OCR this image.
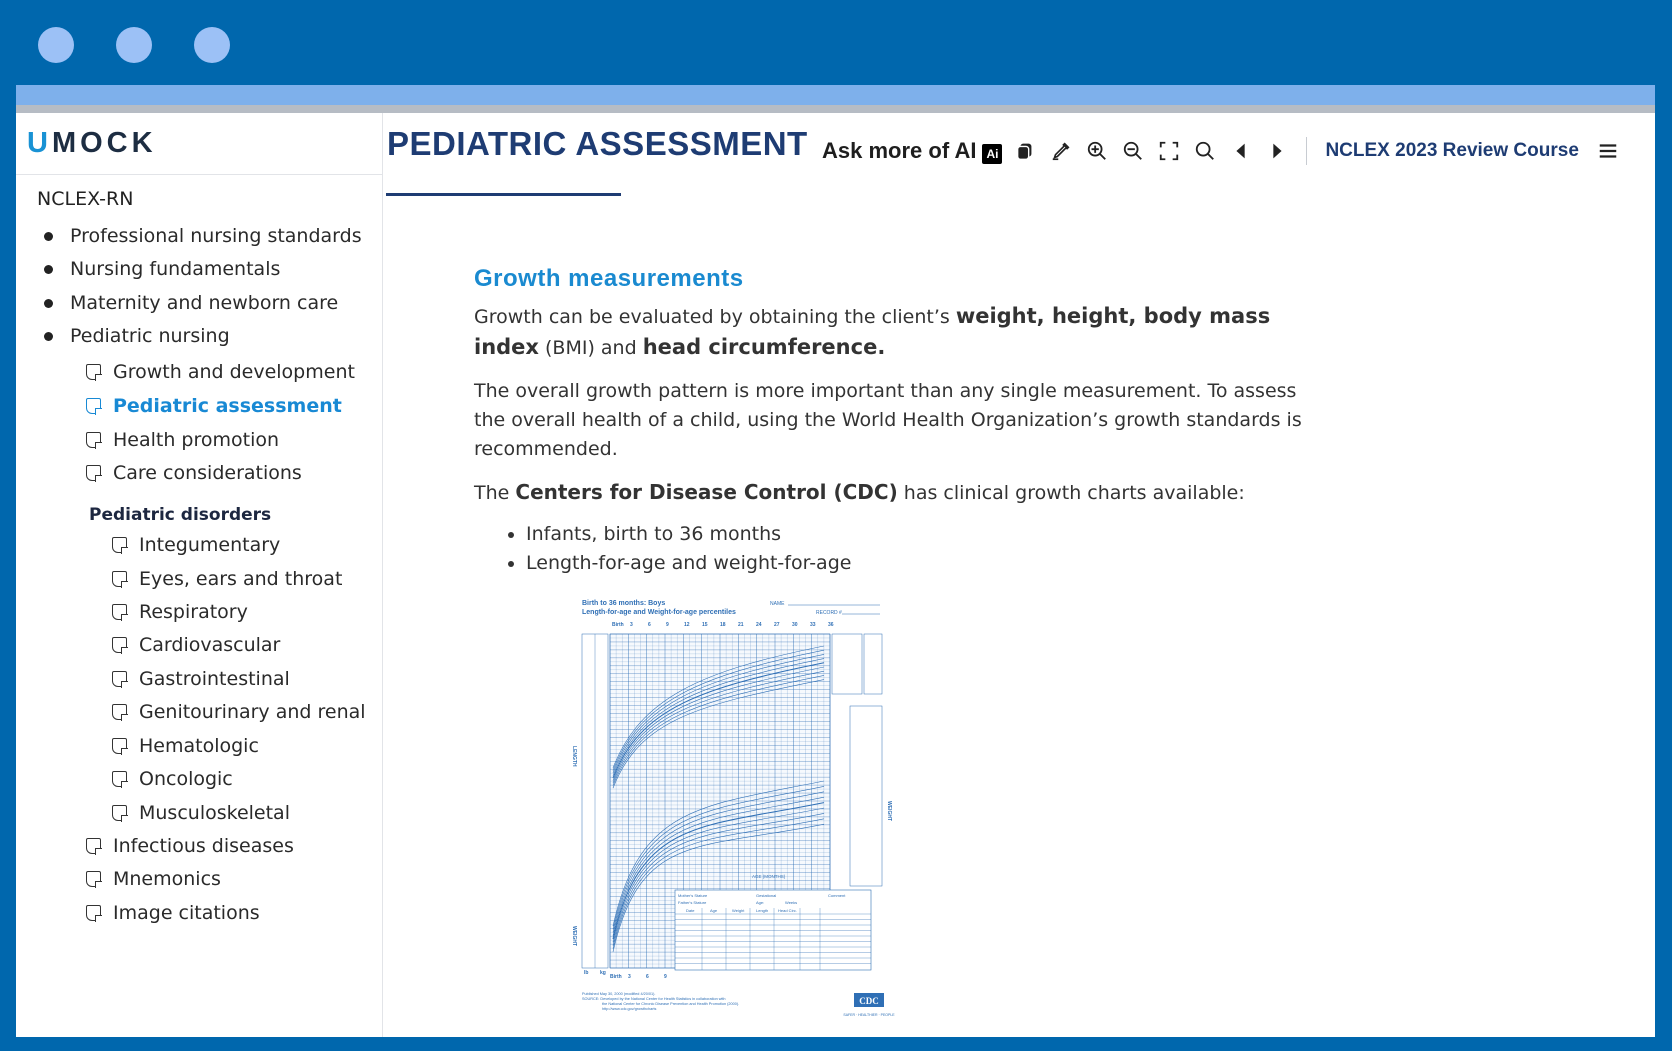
UMOCK
NCLEX-RN
Professional nursing standards
Nursing fundamentals
Maternity and newborn care
Pediatric nursing
Growth and development
Pediatric assessment
Health promotion
Care considerations
Pediatric disorders
Integumentary
Eyes, ears and throat
Respiratory
Cardiovascular
Gastrointestinal
Genitourinary and renal
Hematologic
Oncologic
Musculoskeletal
Infectious diseases
Mnemonics
Image citations
PEDIATRIC ASSESSMENT Ask more of AI Ai	NCLEX 2023 Review Course
Growth measurements
Growth can be evaluated by obtaining the client’s weight, height, body mass index (BMI) and head circumference.
The overall growth pattern is more important than any single measurement. To assess the overall health of a child, using the World Health Organization’s growth standards is recommended.
The Centers for Disease Control (CDC) has clinical growth charts available:
• Infants, birth to 36 months
• Length-for-age and weight-for-age
Birth to 36 months: Boys
Length-for-age and Weight-for-age percentiles
NAME
RECORD #
Birth 3	6	9	12 15 18 21 24 27 30 33 36
LENGTH
WEIGHT
WEIGHT
AGE (MONTHS)
Mother's Stature
Father's Stature
Gestational
Age:	Weeks
Date	Age	Weight	Length Head Circ.
Comment
Birth 3	6	9
lb kg
Published May 30, 2000 (modified 4/20/01).
SOURCE: Developed by the National Center for Health Statistics in collaboration with
the National Center for Chronic Disease Prevention and Health Promotion (2000).
http://www.cdc.gov/growthcharts
CDC
SAFER · HEALTHIER · PEOPLE
